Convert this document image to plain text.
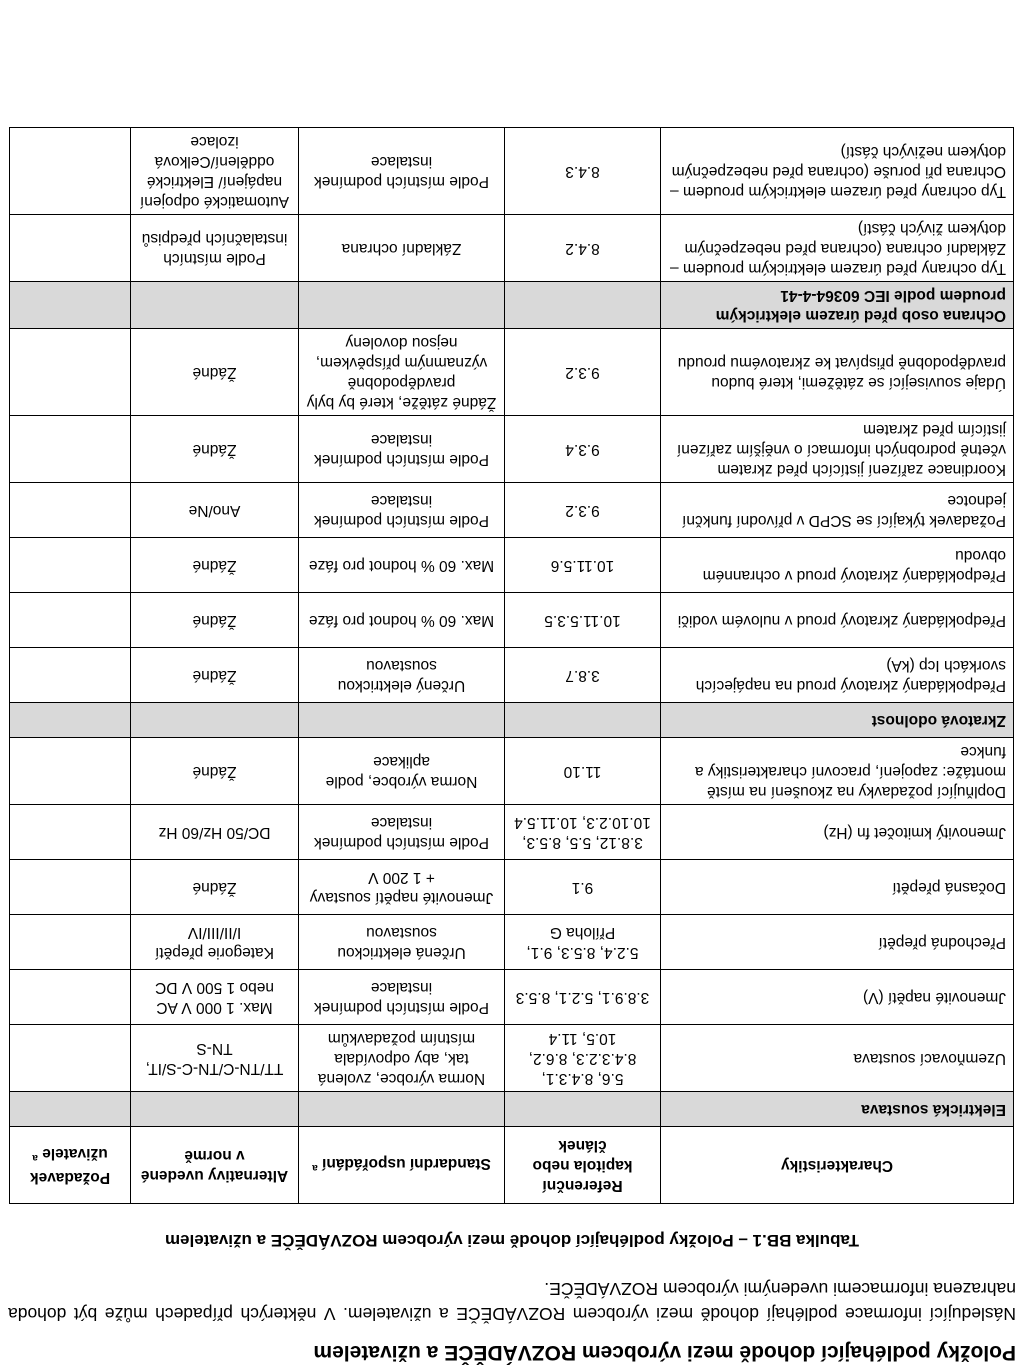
Položky podléhající dohodě mezi výrobcem ROZVÁDĚČE a uživatelem

Následující informace podléhají dohodě mezi výrobcem ROZVÁDĚČE a uživatelem. V některých případech může být dohoda nahrazena informacemi uvedenými výrobcem ROZVÁDĚČE.

Tabulka BB.1 – Položky podléhající dohodě mezi výrobcem ROZVÁDĚČE a uživatelem
Charakteristiky	Referenční kapitola nebo článek	Standardní uspořádání $^a$	Alternativy uvedené v normě	Požadavek uživatele $^a$
Elektrická soustava				
Uzemňovací soustava	5.6, 8.4.3.1, 8.4.3.2.3, 8.6.2, 10.5, 11.4	Norma výrobce, zvolená tak, aby odpovídala místním požadavkům	TT/TN-C/TN-C-S/IT, TN-S	
Jmenovité napětí (V)	3.8.9.1, 5.2.1, 8.5.3	Podle místních podmínek instalace	Max. 1 000 V AC nebo 1 500 V DC	
Přechodná přepětí	5.2.4, 8.5.3, 9.1, Příloha G	Určená elektrickou soustavou	Kategorie přepětí I/II/III/IV	
Dočasná přepětí	9.1	Jmenovité napětí soustavy + 1 200 V	Žádné	
Jmenovitý kmitočet fn (Hz)	3.8.12, 5.5, 8.5.3, 10.10.2.3, 10.11.5.4	Podle místních podmínek instalace	DC/50 Hz/60 Hz	
Doplňující požadavky na zkoušení na místě montáže: zapojení, pracovní charakteristiky a funkce	11.10	Norma výrobce, podle aplikace	Žádné	
Zkratová odolnost				
Předpokládaný zkratový proud na napájecích svorkách Icp (kA)	3.8.7	Určený elektrickou soustavou	Žádné	
Předpokládaný zkratový proud v nulovém vodiči	10.11.5.3.5	Max. 60 % hodnot pro fáze	Žádné	
Předpokládaný zkratový proud v ochranném obvodu	10.11.5.6	Max. 60 % hodnot pro fáze	Žádné	
Požadavek týkající se SCPD v přívodní funkční jednotce	9.3.2	Podle místních podmínek instalace	Ano/Ne	
Koordinace zařízení jistících před zkratem včetně podrobných informací o vnějším zařízení jistícím před zkratem	9.3.4	Podle místních podmínek instalace	Žádné	
Údaje související se zátěžemi, které budou pravděpodobně přispívat ke zkratovému proudu	9.3.2	Žádné zátěže, které by byly pravděpodobně významným příspěvkem, nejsou dovoleny	Žádné	
Ochrana osob před úrazem elektrickým proudem podle IEC 60364-4-41				
Typ ochrany před úrazem elektrickým proudem – Základní ochrana (ochrana před nebezpečným dotykem živých částí)	8.4.2	Základní ochrana	Podle místních instalačních předpisů	
Typ ochrany před úrazem elektrickým proudem – Ochrana při poruše (ochrana před nebezpečným dotykem neživých částí)	8.4.3	Podle místních podmínek instalace	Automatické odpojení napájení/ Elektrické oddělení/Celková izolace	
